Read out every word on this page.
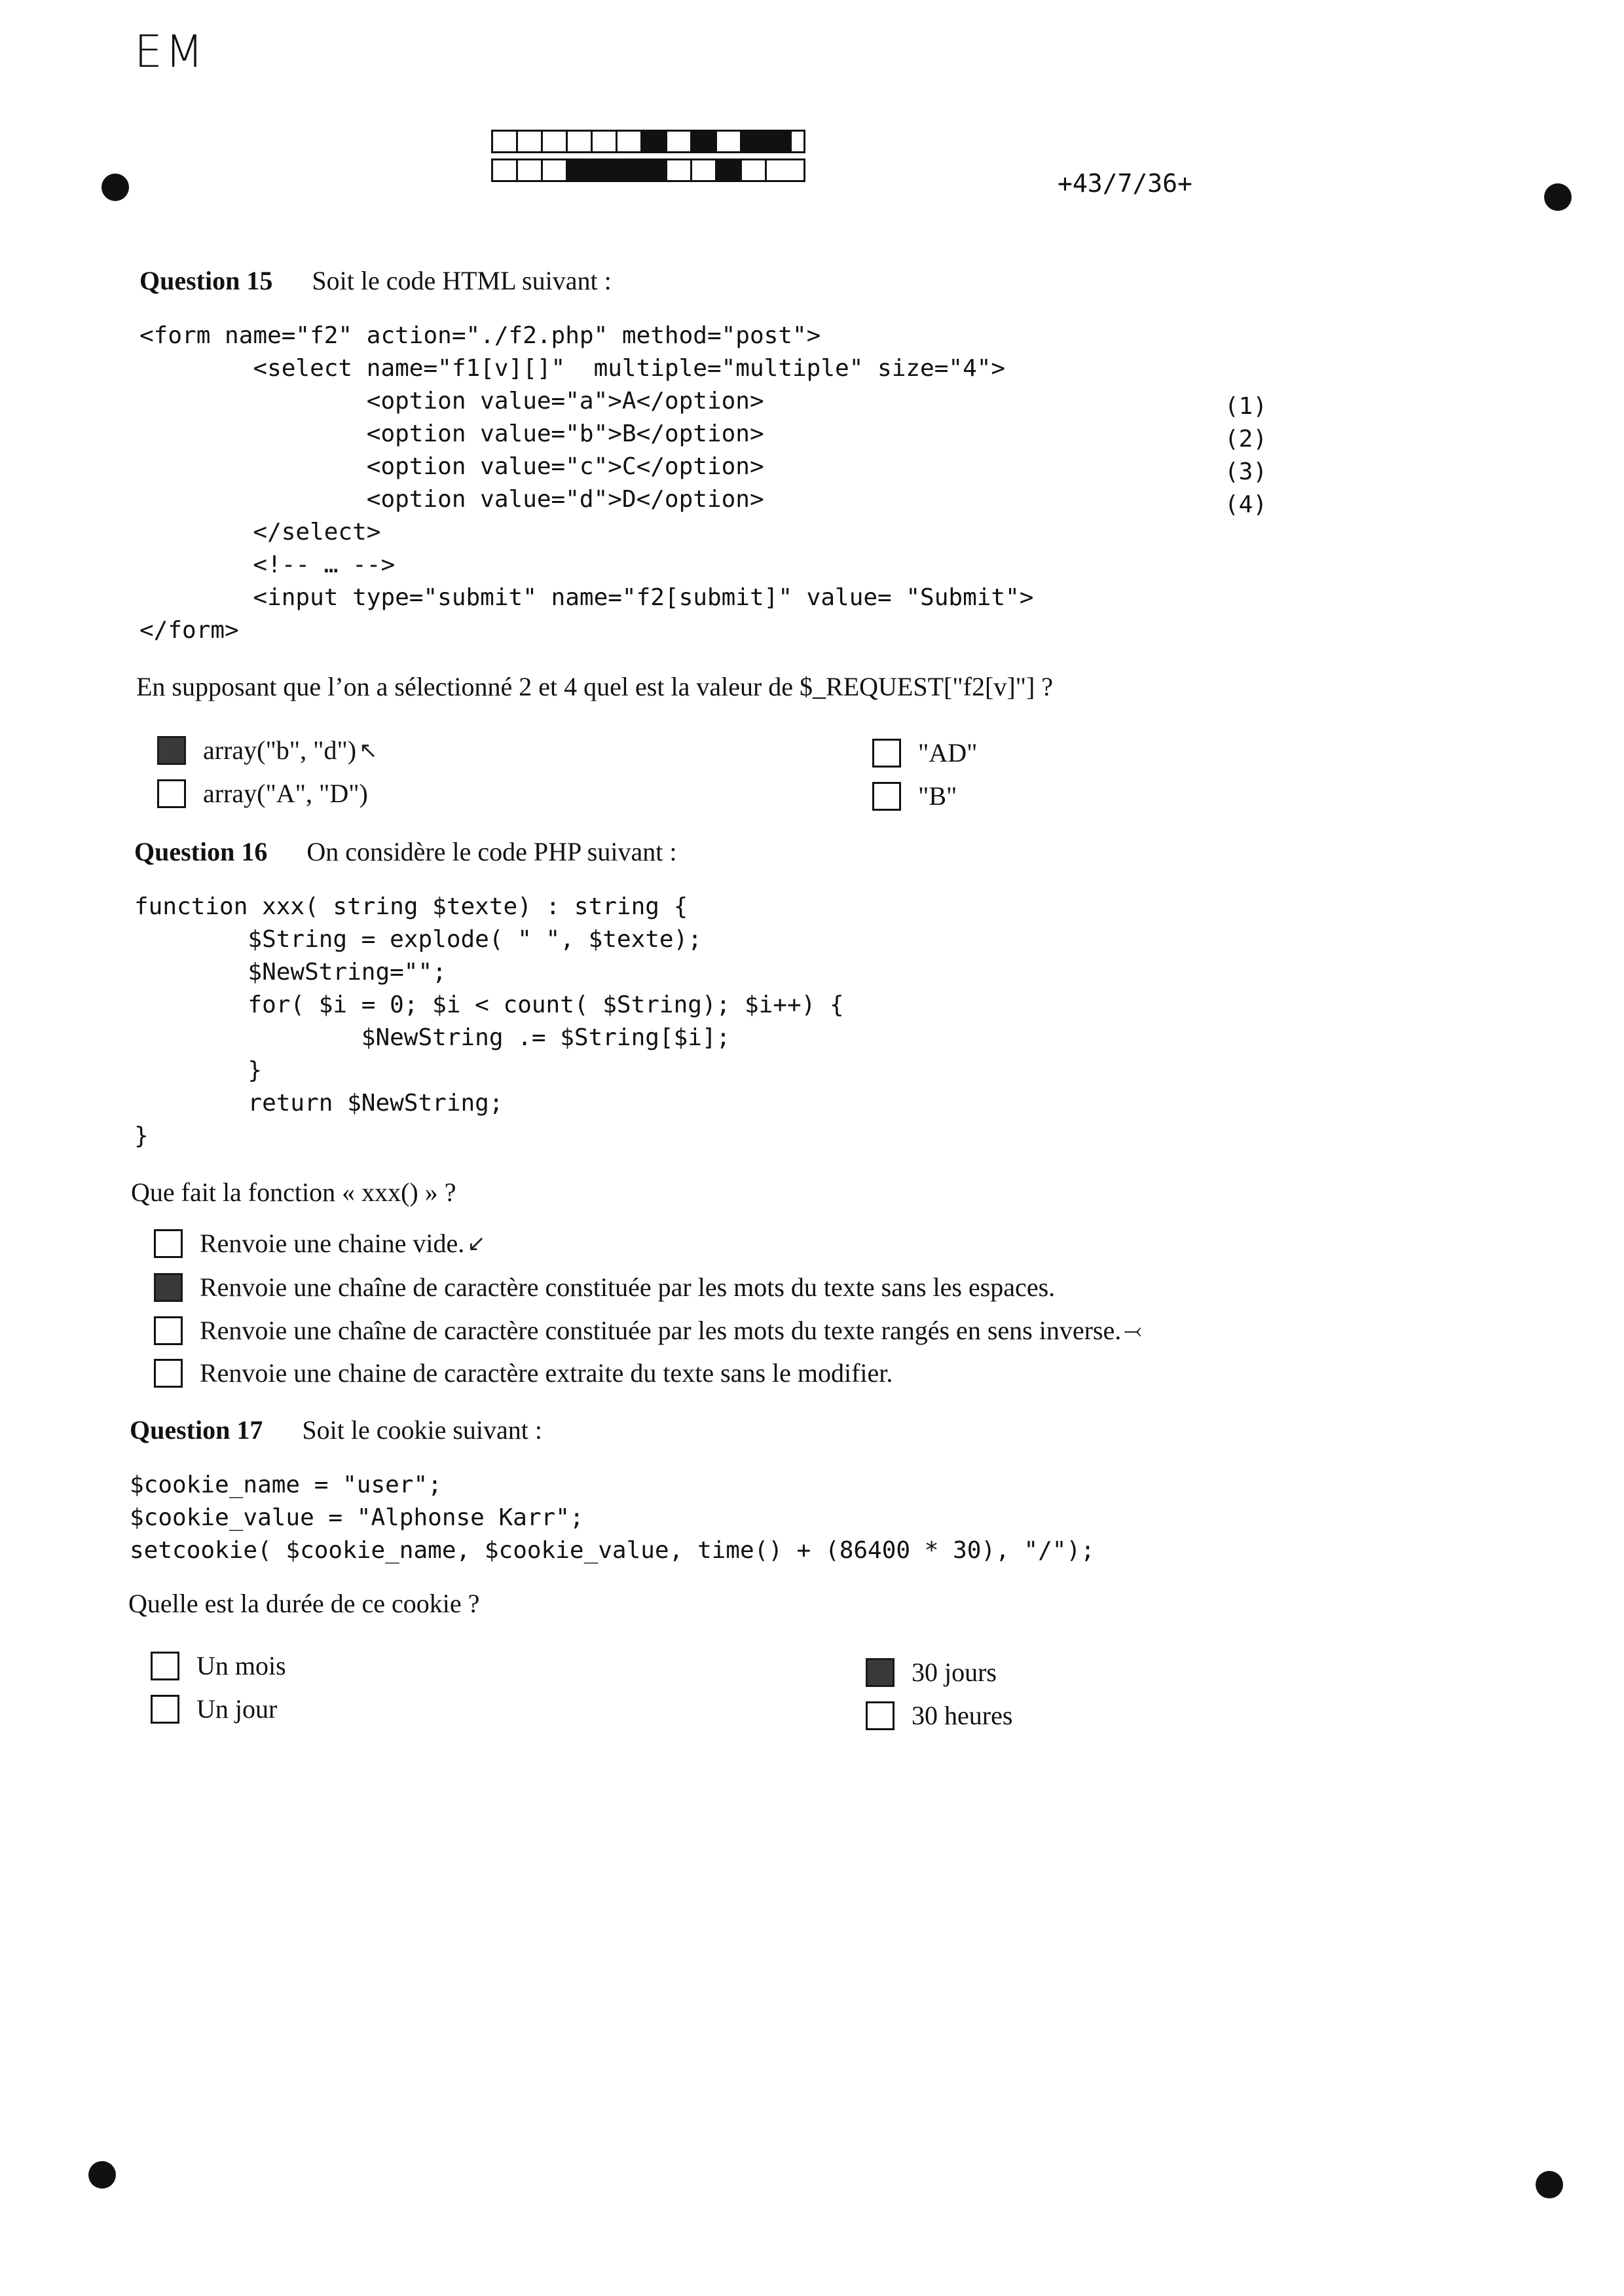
EM
+43/7/36+
Question 15 Soit le code HTML suivant :
<form name="f2" action="./f2.php" method="post">
<select name="f1[v][]"  multiple="multiple" size="4">
<option value="a">A</option>
<option value="b">B</option>
<option value="c">C</option>
<option value="d">D</option>
</select>
<!-- … -->
<input type="submit" name="f2[submit]" value= "Submit">
</form>
(1)
(2)
(3)
(4)
En supposant que l’on a sélectionné 2 et 4 quel est la valeur de $_REQUEST["f2[v]"] ?
array("b", "d") ↖
array("A", "D")
"AD"
"B"
Question 16 On considère le code PHP suivant :
function xxx( string $texte) : string {
$String = explode( " ", $texte);
$NewString="";
for( $i = 0; $i < count( $String); $i++) {
$NewString .= $String[$i];
}
return $NewString;
}
Que fait la fonction « xxx() » ?
Renvoie une chaine vide. ↙
Renvoie une chaîne de caractère constituée par les mots du texte sans les espaces.
Renvoie une chaîne de caractère constituée par les mots du texte rangés en sens inverse. ⤙
Renvoie une chaine de caractère extraite du texte sans le modifier.
Question 17 Soit le cookie suivant :
$cookie_name = "user";
$cookie_value = "Alphonse Karr";
setcookie( $cookie_name, $cookie_value, time() + (86400 * 30), "/");
Quelle est la durée de ce cookie ?
Un mois
Un jour
30 jours
30 heures
